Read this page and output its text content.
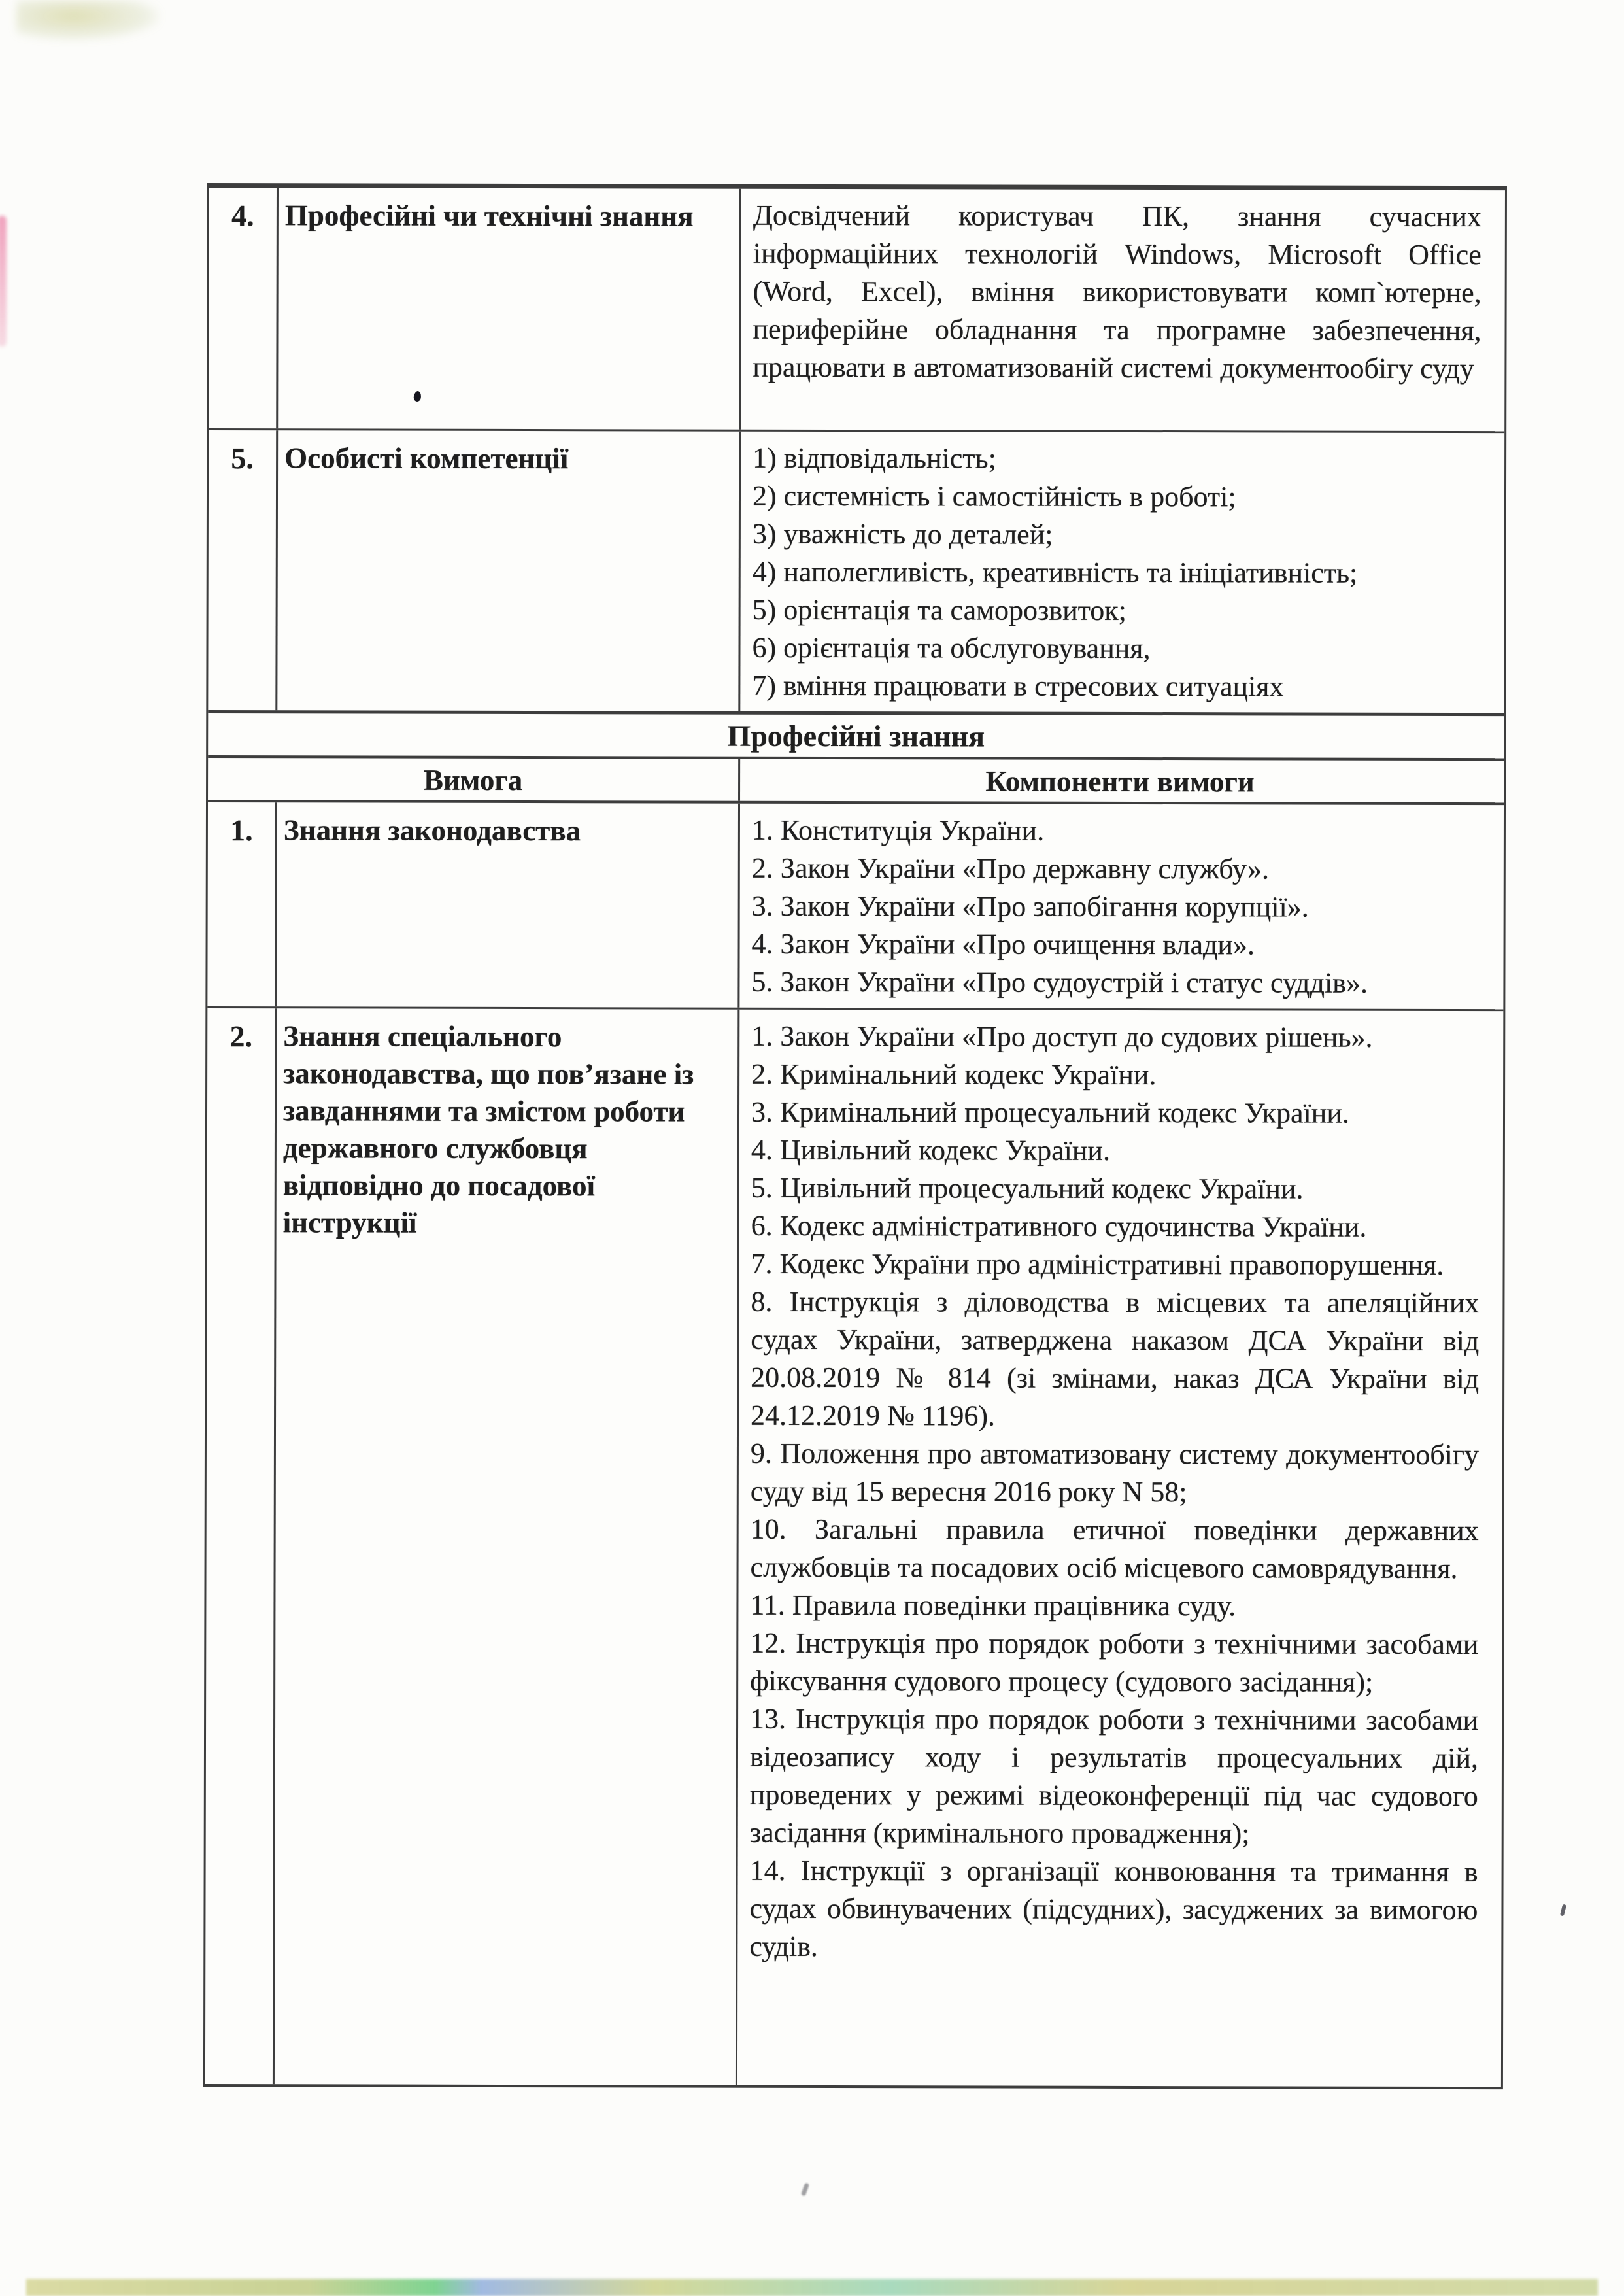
4.	Професійні чи технічні знання	Досвідчений користувач ПК, знання сучасних інформаційних технологій Windows, Microsoft Office (Word, Excel), вміння використовувати комп`ютерне, периферійне обладнання та програмне забезпечення, працювати в автоматизованій системі документообігу суду
5.	Особисті компетенції	1) відповідальність;
2) системність і самостійність в роботі;
3) уважність до деталей;
4) наполегливість, креативність та ініціативність;
5) орієнтація та саморозвиток;
6) орієнтація та обслуговування,
7) вміння працювати в стресових ситуаціях
Професійні знання
Вимога	Компоненти вимоги
1.	Знання законодавства	1. Конституція України.
2. Закон України «Про державну службу».
3. Закон України «Про запобігання корупції».
4. Закон України «Про очищення влади».
5. Закон України «Про судоустрій і статус суддів».
2.	Знання спеціального законодавства, що пов’язане із завданнями та змістом роботи державного службовця відповідно до посадової інструкції
1. Закон України «Про доступ до судових рішень».
2. Кримінальний кодекс України.
3. Кримінальний процесуальний кодекс України.
4. Цивільний кодекс України.
5. Цивільний процесуальний кодекс України.
6. Кодекс адміністративного судочинства України.
7. Кодекс України про адміністративні правопорушення.
8. Інструкція з діловодства в місцевих та апеляційних судах України, затверджена наказом ДСА України від 20.08.2019 № 814 (зі змінами, наказ ДСА України від 24.12.2019 № 1196).
9. Положення про автоматизовану систему документообігу суду від 15 вересня 2016 року N 58;
10. Загальні правила етичної поведінки державних службовців та посадових осіб місцевого самоврядування.
11. Правила поведінки працівника суду.
12. Інструкція про порядок роботи з технічними засобами фіксування судового процесу (судового засідання);
13. Інструкція про порядок роботи з технічними засобами відеозапису ходу і результатів процесуальних дій, проведених у режимі відеоконференції під час судового засідання (кримінального провадження);
14. Інструкції з організації конвоювання та тримання в судах обвинувачених (підсудних), засуджених за вимогою судів.
